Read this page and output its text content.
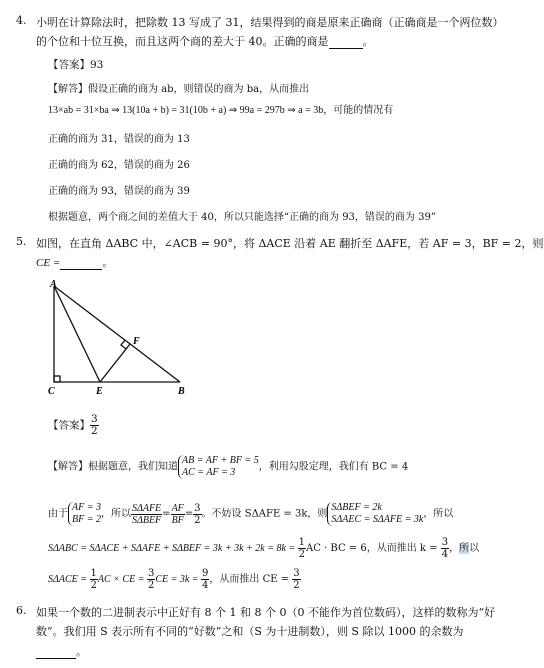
4. 小明在计算除法时，把除数 13 写成了 31，结果得到的商是原来正确商（正确商是一个两位数）
的个位和十位互换，而且这两个商的差大于 40。正确的商是	。
【答案】93
【解答】假设正确的商为 ab，则错误的商为 ba，从而推出
13×ab = 31×ba ⇒ 13(10a + b) = 31(10b + a) ⇒ 99a = 297b ⇒ a = 3b，可能的情况有
正确的商为 31，错误的商为 13
正确的商为 62，错误的商为 26
正确的商为 93，错误的商为 39
根据题意，两个商之间的差值大于 40，所以只能选择“正确的商为 93，错误的商为 39”
5. 如图，在直角 ΔABC 中，∠ACB = 90°，将 ΔACE 沿着 AE 翻折至 ΔAFE，若 AF = 3，BF = 2，则
CE =	。
A
F
C	E	B
【答案】 $\frac{3}{2}$
【解答】根据题意，我们知道
AB = AF + BF = 5
AC = AF = 3	，利用勾股定理，我们有 BC = 4
由于
AF = 3
BF = 2 ，所以 $\frac{\text{SΔAFE}}{\text{SΔBEF}} = \frac{AF}{BF} = \frac{3}{2}$ 。不妨设 SΔAFE = 3k，则
SΔBEF = 2k
SΔAEC = SΔAFE = 3k ，所以
$S\Delta ABC = S\Delta ACE + S\Delta AFE + S\Delta BEF = 3k + 3k + 2k = 8k = \frac{1}{2}$ AC · BC = 6，从而推出 $k = \frac{3}{4}$ ，所以
$S\Delta ACE = \frac{1}{2}$ AC × CE = $\frac{3}{2}$ CE = $3k = \frac{9}{4}$ ，从而推出 CE = $\frac{3}{2}$
6. 如果一个数的二进制表示中正好有 8 个 1 和 8 个 0（0 不能作为首位数码），这样的数称为“好
数”。我们用 S 表示所有不同的“好数”之和（S 为十进制数），则 S 除以 1000 的余数为
。
